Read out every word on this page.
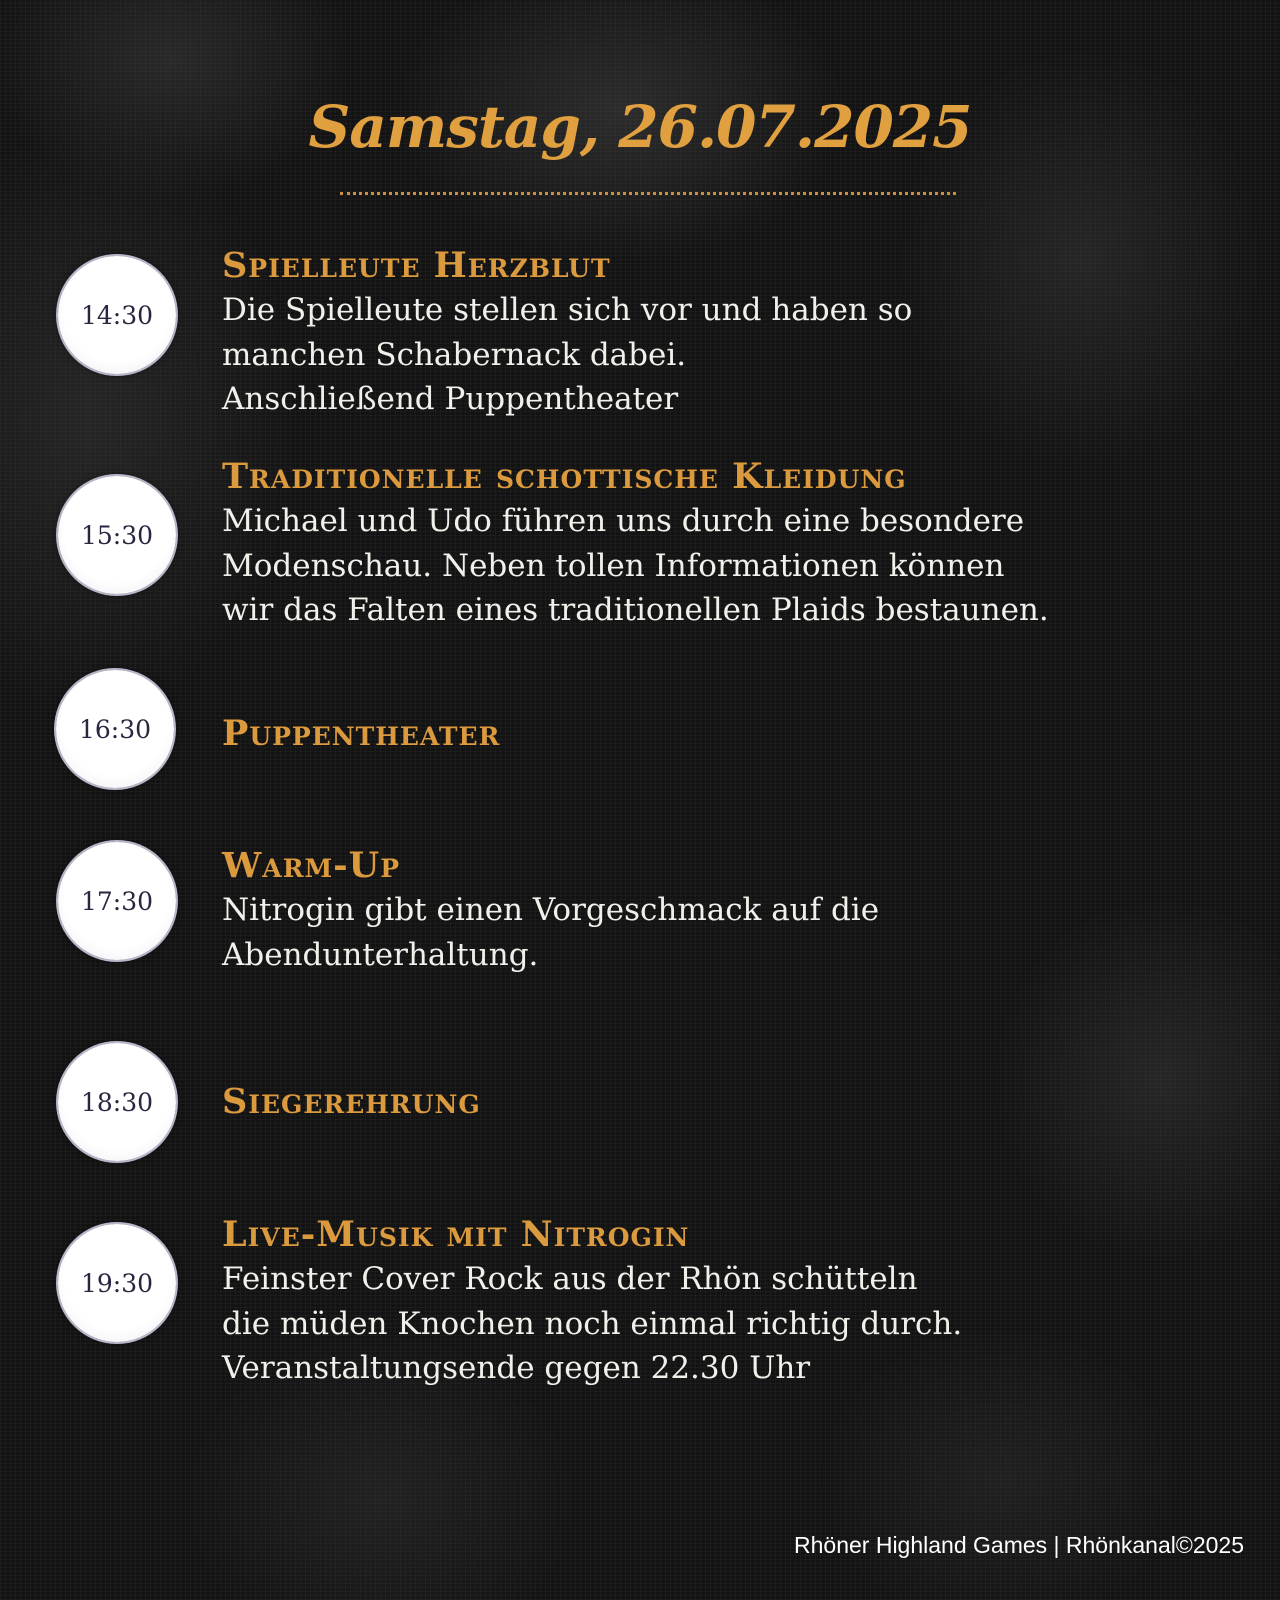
Samstag, 26.07.2025
14:30
Spielleute Herzblut

Die Spielleute stellen sich vor und haben so
manchen Schabernack dabei.
Anschließend Puppentheater

15:30
Traditionelle schottische Kleidung

Michael und Udo führen uns durch eine besondere
Modenschau. Neben tollen Informationen können
wir das Falten eines traditionellen Plaids bestaunen.

16:30	Puppentheater
17:30
Warm-Up

Nitrogin gibt einen Vorgeschmack auf die
Abendunterhaltung.

18:30	Siegerehrung
19:30
Live-Musik mit Nitrogin

Feinster Cover Rock aus der Rhön schütteln
die müden Knochen noch einmal richtig durch.
Veranstaltungsende gegen 22.30 Uhr

Rhöner Highland Games | Rhönkanal©2025
